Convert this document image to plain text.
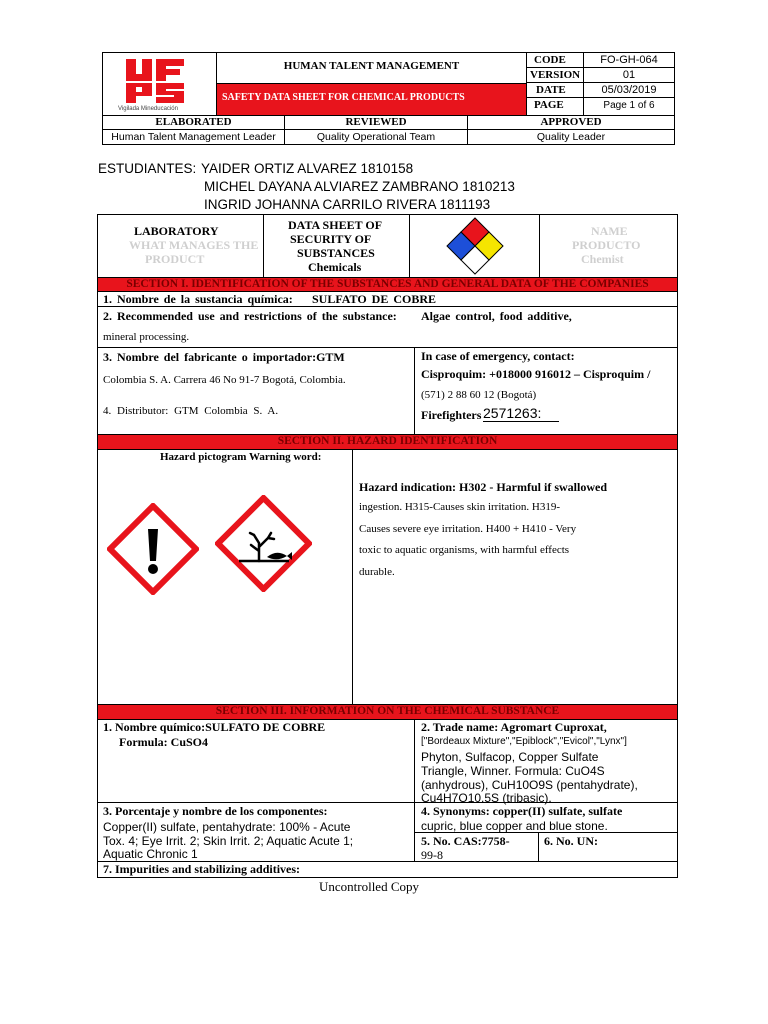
Vigilada Mineducación
HUMAN TALENT MANAGEMENT
SAFETY DATA SHEET FOR CHEMICAL PRODUCTS
CODE	FO-GH-064
VERSION	01
DATE	05/03/2019
PAGE	Page 1 of 6
ELABORATED	REVIEWED	APPROVED
Human Talent Management Leader	Quality Operational Team	Quality Leader
ESTUDIANTES: YAIDER ORTIZ ALVAREZ 1810158
MICHEL DAYANA ALVIAREZ ZAMBRANO 1810213
INGRID JOHANNA CARRILO RIVERA 1811193
LABORATORY
WHAT MANAGES THE
PRODUCT
DATA SHEET OF
SECURITY OF
SUBSTANCES
Chemicals
NAME
PRODUCTO
Chemist
SECTION I. IDENTIFICATION OF THE SUBSTANCES AND GENERAL DATA OF THE COMPANIES
1. Nombre de la sustancia química: SULFATO DE COBRE
2. Recommended use and restrictions of the substance: Algae control, food additive,
mineral processing.
3. Nombre del fabricante o importador:GTM
Colombia S. A. Carrera 46 No 91-7 Bogotá, Colombia.
4. Distributor: GTM Colombia S. A.
In case of emergency, contact:
Cisproquim: +018000 916012 – Cisproquim /
(571) 2 88 60 12 (Bogotá)
Firefighters 2571263:
SECTION II. HAZARD IDENTIFICATION
Hazard pictogram Warning word:
Hazard indication: H302 - Harmful if swallowed
ingestion. H315-Causes skin irritation. H319-
Causes severe eye irritation. H400 + H410 - Very
toxic to aquatic organisms, with harmful effects
durable.
SECTION III. INFORMATION ON THE CHEMICAL SUBSTANCE
1. Nombre químico:SULFATO DE COBRE
Formula: CuSO4
2. Trade name: Agromart Cuproxat,
["Bordeaux Mixture","Epiblock","Evicol","Lynx"]
Phyton, Sulfacop, Copper Sulfate
Triangle, Winner. Formula: CuO4S
(anhydrous), CuH10O9S (pentahydrate),
Cu4H7O10.5S (tribasic).
3. Porcentaje y nombre de los componentes:
Copper(II) sulfate, pentahydrate: 100% - Acute
Tox. 4; Eye Irrit. 2; Skin Irrit. 2; Aquatic Acute 1;
Aquatic Chronic 1
4. Synonyms: copper(II) sulfate, sulfate
cupric, blue copper and blue stone.
5. No. CAS:7758-
99-8
6. No. UN:
7. Impurities and stabilizing additives:
Uncontrolled Copy
